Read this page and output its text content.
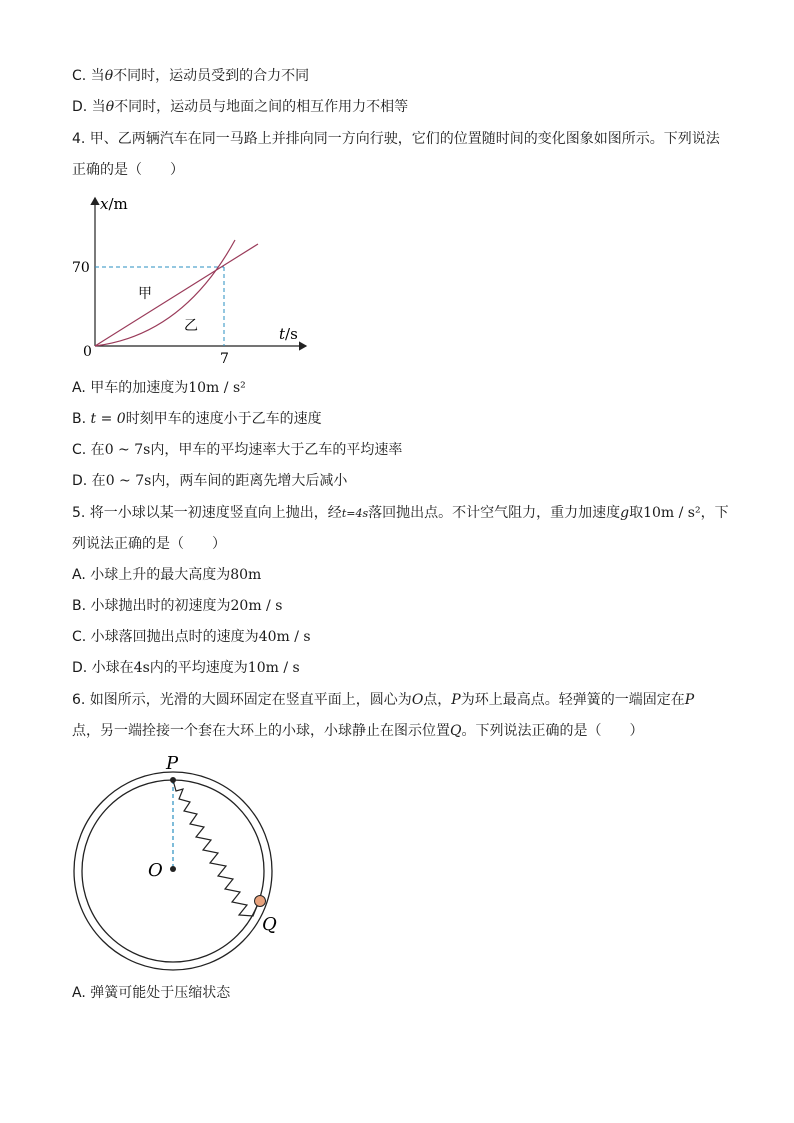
C. 当θ不同时，运动员受到的合力不同
D. 当θ不同时，运动员与地面之间的相互作用力不相等
4. 甲、乙两辆汽车在同一马路上并排向同一方向行驶，它们的位置随时间的变化图象如图所示。下列说法
正确的是（　　）
x/m
t/s
0
70
7
甲
乙
A. 甲车的加速度为10m / s²
B. t = 0时刻甲车的速度小于乙车的速度
C. 在0 ~ 7s内，甲车的平均速率大于乙车的平均速率
D. 在0 ~ 7s内，两车间的距离先增大后减小
5. 将一小球以某一初速度竖直向上抛出，经t=4s落回抛出点。不计空气阻力，重力加速度g取10m / s²，下
列说法正确的是（　　）
A. 小球上升的最大高度为80m
B. 小球抛出时的初速度为20m / s
C. 小球落回抛出点时的速度为40m / s
D. 小球在4s内的平均速度为10m / s
6. 如图所示，光滑的大圆环固定在竖直平面上，圆心为O点，P为环上最高点。轻弹簧的一端固定在P
点，另一端拴接一个套在大环上的小球，小球静止在图示位置Q。下列说法正确的是（　　）
P
O
Q
A. 弹簧可能处于压缩状态
